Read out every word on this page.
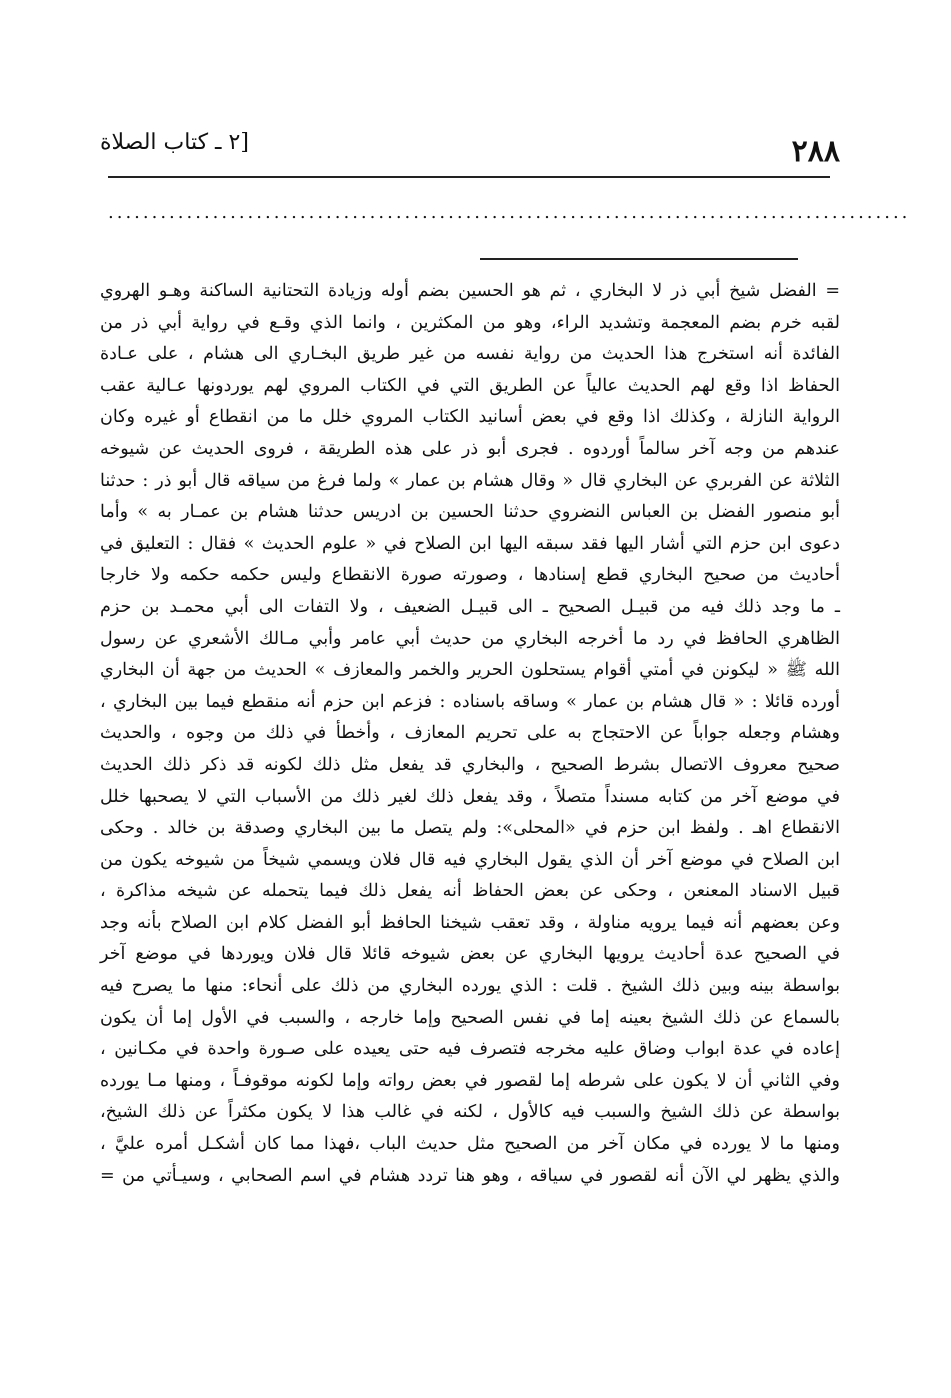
٢٨٨
[٢ ـ كتاب الصلاة
............................................................................................
= الفضل شيخ أبي ذر لا البخاري ، ثم هو الحسين بضم أوله وزيادة التحتانية الساكنة وهـو الهروي
لقبه خرم بضم المعجمة وتشديد الراء، وهو من المكثرين ، وانما الذي وقـع في رواية أبي ذر من
الفائدة أنه استخرج هذا الحديث من رواية نفسه من غير طريق البخـاري الى هشام ، على عـادة
الحفاظ اذا وقع لهم الحديث عالياً عن الطريق التي في الكتاب المروي لهم يوردونها عـالية عقب
الرواية النازلة ، وكذلك اذا وقع في بعض أسانيد الكتاب المروي خلل ما من انقطاع أو غيره وكان
عندهم من وجه آخر سالماً أوردوه . فجرى أبو ذر على هذه الطريقة ، فروى الحديث عن شيوخه
الثلاثة عن الفربري عن البخاري قال « وقال هشام بن عمار » ولما فرغ من سياقه قال أبو ذر : حدثنا
أبو منصور الفضل بن العباس النضروي حدثنا الحسين بن ادريس حدثنا هشام بن عمـار به » وأما
دعوى ابن حزم التي أشار اليها فقد سبقه اليها ابن الصلاح في « علوم الحديث » فقال : التعليق في
أحاديث من صحيح البخاري قطع إسنادها ، وصورته صورة الانقطاع وليس حكمه حكمه ولا خارجا
ـ ما وجد ذلك فيه من قبيـل الصحيح ـ الى قبيـل الضعيف ، ولا التفات الى أبي محمـد بن حزم
الظاهري الحافظ في رد ما أخرجه البخاري من حديث أبي عامر وأبي مـالك الأشعري عن رسول
الله ﷺ « ليكونن في أمتي أقوام يستحلون الحرير والخمر والمعازف » الحديث من جهة أن البخاري
أورده قائلا : « قال هشام بن عمار » وساقه باسناده : فزعم ابن حزم أنه منقطع فيما بين البخاري ،
وهشام وجعله جواباً عن الاحتجاج به على تحريم المعازف ، وأخطأ في ذلك من وجوه ، والحديث
صحيح معروف الاتصال بشرط الصحيح ، والبخاري قد يفعل مثل ذلك لكونه قد ذكر ذلك الحديث
في موضع آخر من كتابه مسنداً متصلاً ، وقد يفعل ذلك لغير ذلك من الأسباب التي لا يصحبها خلل
الانقطاع اهـ . ولفظ ابن حزم في «المحلى»: ولم يتصل ما بين البخاري وصدقة بن خالد . وحكى
ابن الصلاح في موضع آخر أن الذي يقول البخاري فيه قال فلان ويسمي شيخاً من شيوخه يكون من
قبيل الاسناد المعنعن ، وحكى عن بعض الحفاظ أنه يفعل ذلك فيما يتحمله عن شيخه مذاكرة ،
وعن بعضهم أنه فيما يرويه مناولة ، وقد تعقب شيخنا الحافظ أبو الفضل كلام ابن الصلاح بأنه وجد
في الصحيح عدة أحاديث يرويها البخاري عن بعض شيوخه قائلا قال فلان ويوردها في موضع آخر
بواسطة بينه وبين ذلك الشيخ . قلت : الذي يورده البخاري من ذلك على أنحاء: منها ما يصرح فيه
بالسماع عن ذلك الشيخ بعينه إما في نفس الصحيح وإما خارجه ، والسبب في الأول إما أن يكون
إعاده في عدة ابواب وضاق عليه مخرجه فتصرف فيه حتى يعيده على صـورة واحدة في مكـانين ،
وفي الثاني أن لا يكون على شرطه إما لقصور في بعض رواته وإما لكونه موقوفـاً ، ومنها مـا يورده
بواسطة عن ذلك الشيخ والسبب فيه كالأول ، لكنه في غالب هذا لا يكون مكثراً عن ذلك الشيخ،
ومنها ما لا يورده في مكان آخر من الصحيح مثل حديث الباب ،فهذا مما كان أشكـل أمره عليَّ ،
والذي يظهر لي الآن أنه لقصور في سياقه ، وهو هنا تردد هشام في اسم الصحابي ، وسيـأتي من =
